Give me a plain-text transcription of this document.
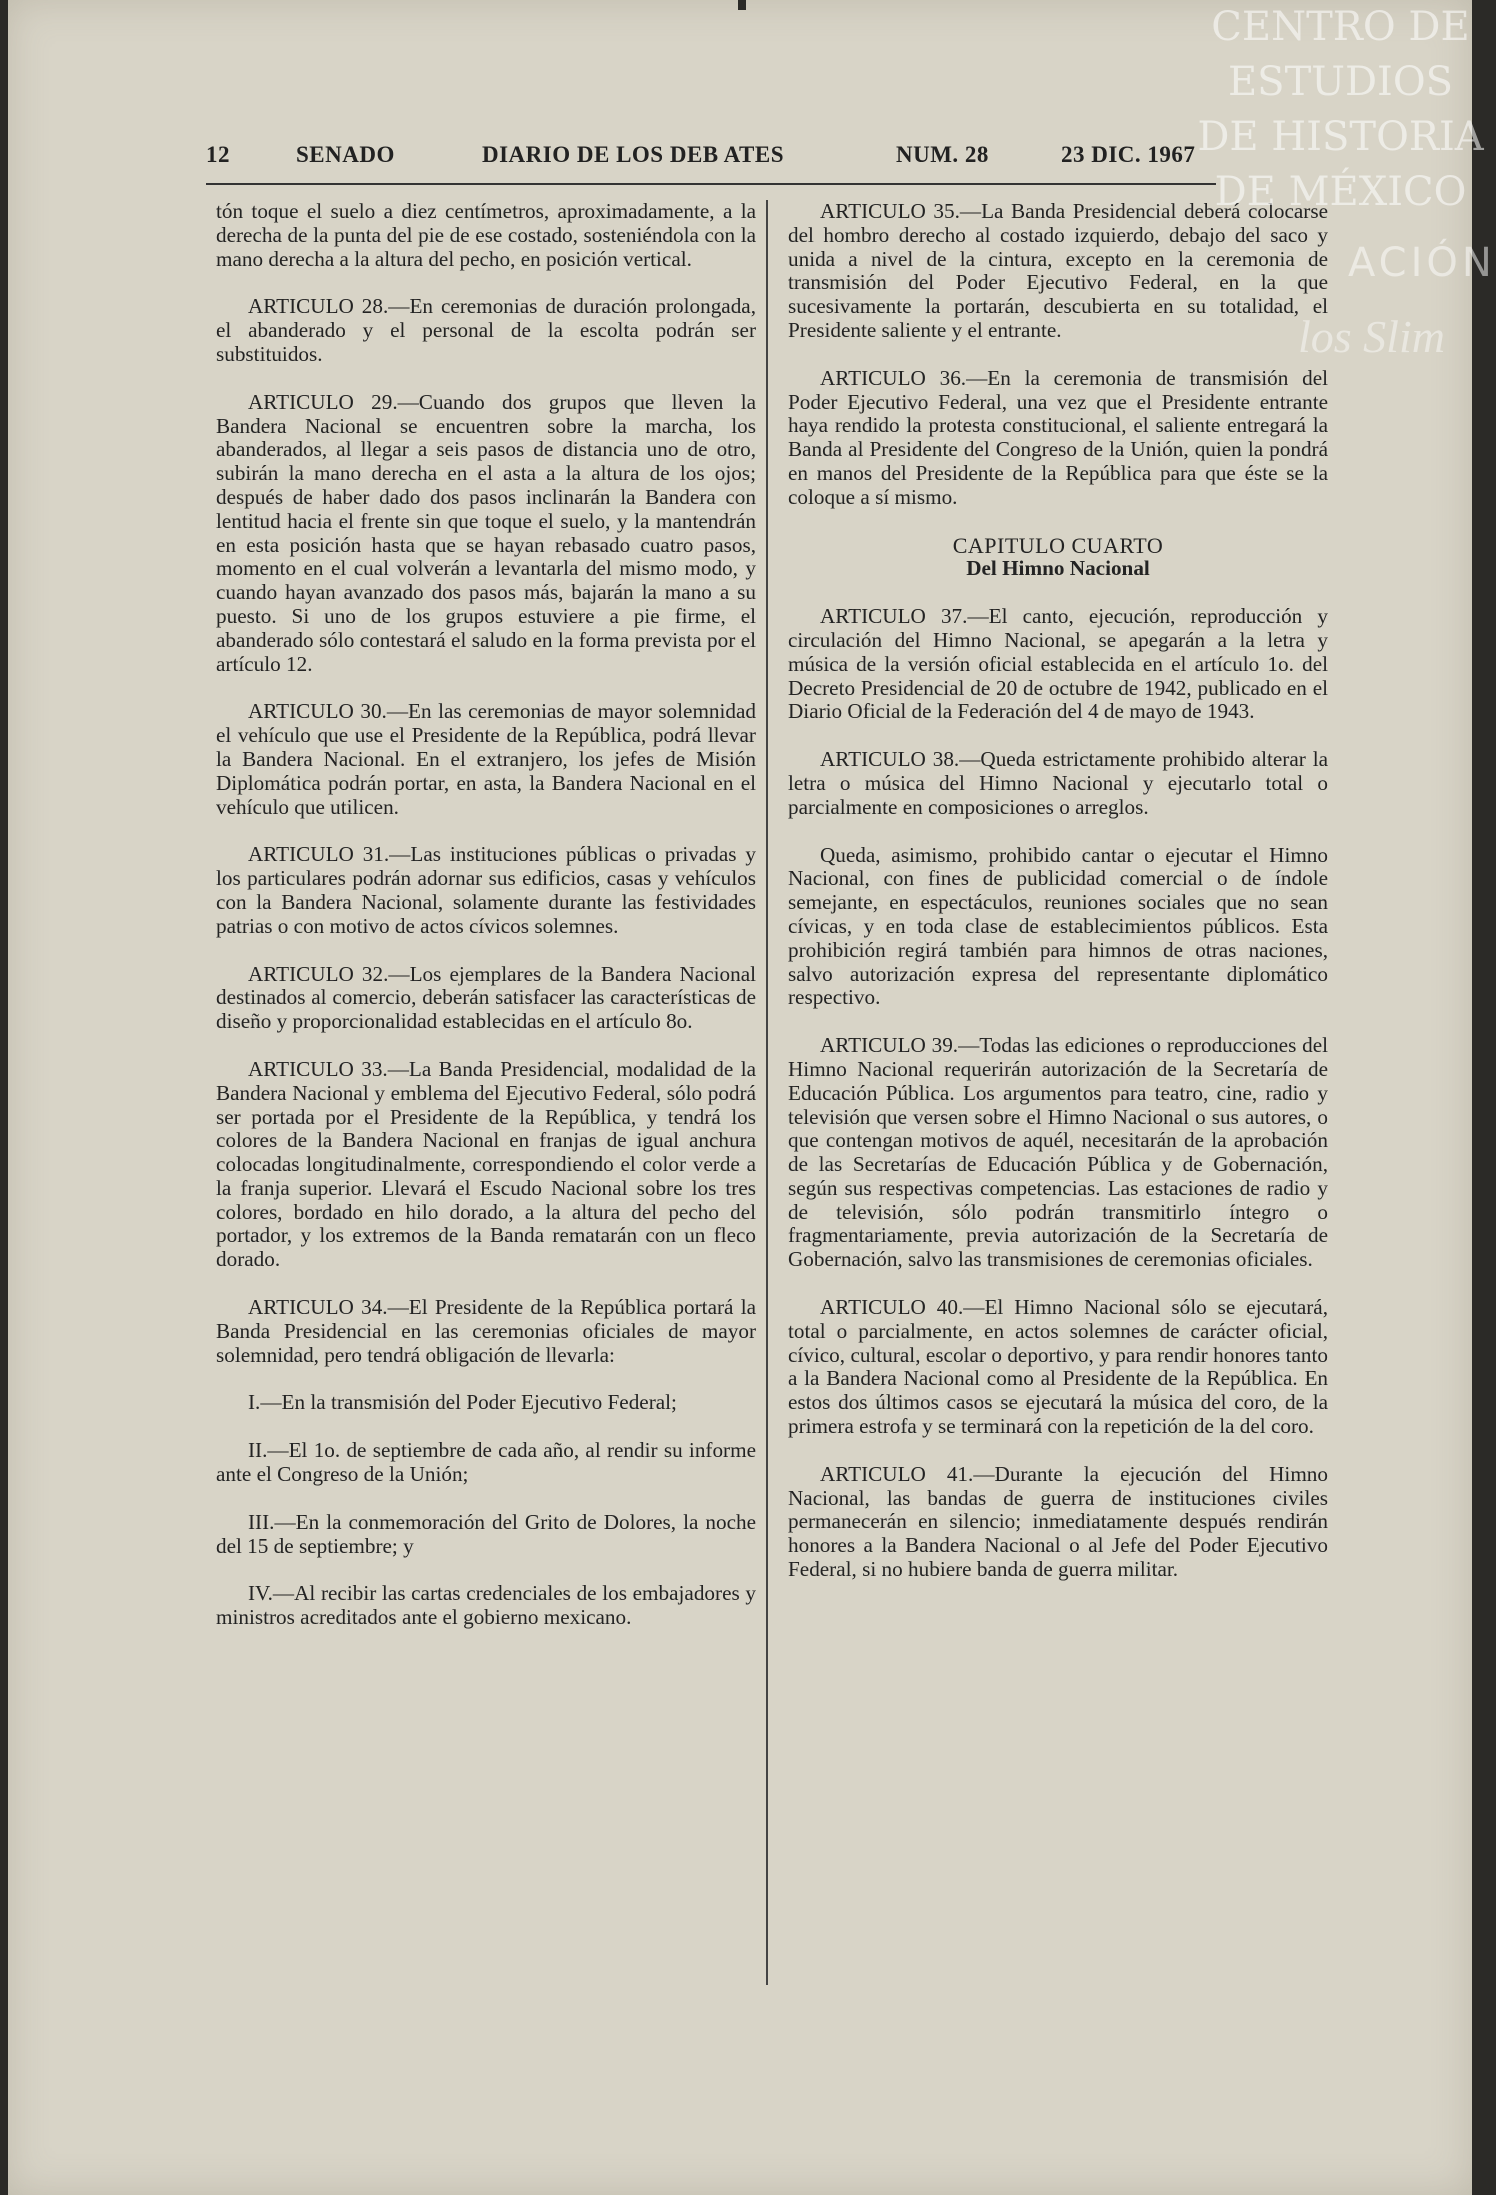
12	SENADO	DIARIO DE LOS DEB ATES	NUM. 28	23 DIC. 1967

tón toque el suelo a diez centímetros, aproximadamente, a la derecha de la punta del pie de ese costado, sosteniéndola con la mano derecha a la altura del pecho, en posición vertical.

ARTICULO 28.—En ceremonias de duración prolongada, el abanderado y el personal de la escolta podrán ser substituidos.

ARTICULO 29.—Cuando dos grupos que lleven la Bandera Nacional se encuentren sobre la marcha, los abanderados, al llegar a seis pasos de distancia uno de otro, subirán la mano derecha en el asta a la altura de los ojos; después de haber dado dos pasos inclinarán la Bandera con lentitud hacia el frente sin que toque el suelo, y la mantendrán en esta posición hasta que se hayan rebasado cuatro pasos, momento en el cual volverán a levantarla del mismo modo, y cuando hayan avanzado dos pasos más, bajarán la mano a su puesto. Si uno de los grupos estuviere a pie firme, el abanderado sólo contestará el saludo en la forma prevista por el artículo 12.

ARTICULO 30.—En las ceremonias de mayor solemnidad el vehículo que use el Presidente de la República, podrá llevar la Bandera Nacional. En el extranjero, los jefes de Misión Diplomática podrán portar, en asta, la Bandera Nacional en el vehículo que utilicen.

ARTICULO 31.—Las instituciones públicas o privadas y los particulares podrán adornar sus edificios, casas y vehículos con la Bandera Nacional, solamente durante las festividades patrias o con motivo de actos cívicos solemnes.

ARTICULO 32.—Los ejemplares de la Bandera Nacional destinados al comercio, deberán satisfacer las características de diseño y proporcionalidad establecidas en el artículo 8o.

ARTICULO 33.—La Banda Presidencial, modalidad de la Bandera Nacional y emblema del Ejecutivo Federal, sólo podrá ser portada por el Presidente de la República, y tendrá los colores de la Bandera Nacional en franjas de igual anchura colocadas longitudinalmente, correspondiendo el color verde a la franja superior. Llevará el Escudo Nacional sobre los tres colores, bordado en hilo dorado, a la altura del pecho del portador, y los extremos de la Banda rematarán con un fleco dorado.

ARTICULO 34.—El Presidente de la República portará la Banda Presidencial en las ceremonias oficiales de mayor solemnidad, pero tendrá obligación de llevarla:

I.—En la transmisión del Poder Ejecutivo Federal;

II.—El 1o. de septiembre de cada año, al rendir su informe ante el Congreso de la Unión;

III.—En la conmemoración del Grito de Dolores, la noche del 15 de septiembre; y

IV.—Al recibir las cartas credenciales de los embajadores y ministros acreditados ante el gobierno mexicano.

ARTICULO 35.—La Banda Presidencial deberá colocarse del hombro derecho al costado izquierdo, debajo del saco y unida a nivel de la cintura, excepto en la ceremonia de transmisión del Poder Ejecutivo Federal, en la que sucesivamente la portarán, descubierta en su totalidad, el Presidente saliente y el entrante.

ARTICULO 36.—En la ceremonia de transmisión del Poder Ejecutivo Federal, una vez que el Presidente entrante haya rendido la protesta constitucional, el saliente entregará la Banda al Presidente del Congreso de la Unión, quien la pondrá en manos del Presidente de la República para que éste se la coloque a sí mismo.

CAPITULO CUARTO
Del Himno Nacional

ARTICULO 37.—El canto, ejecución, reproducción y circulación del Himno Nacional, se apegarán a la letra y música de la versión oficial establecida en el artículo 1o. del Decreto Presidencial de 20 de octubre de 1942, publicado en el Diario Oficial de la Federación del 4 de mayo de 1943.

ARTICULO 38.—Queda estrictamente prohibido alterar la letra o música del Himno Nacional y ejecutarlo total o parcialmente en composiciones o arreglos.

Queda, asimismo, prohibido cantar o ejecutar el Himno Nacional, con fines de publicidad comercial o de índole semejante, en espectáculos, reuniones sociales que no sean cívicas, y en toda clase de establecimientos públicos. Esta prohibición regirá también para himnos de otras naciones, salvo autorización expresa del representante diplomático respectivo.

ARTICULO 39.—Todas las ediciones o reproducciones del Himno Nacional requerirán autorización de la Secretaría de Educación Pública. Los argumentos para teatro, cine, radio y televisión que versen sobre el Himno Nacional o sus autores, o que contengan motivos de aquél, necesitarán de la aprobación de las Secretarías de Educación Pública y de Gobernación, según sus respectivas competencias. Las estaciones de radio y de televisión, sólo podrán transmitirlo íntegro o fragmentariamente, previa autorización de la Secretaría de Gobernación, salvo las transmisiones de ceremonias oficiales.

ARTICULO 40.—El Himno Nacional sólo se ejecutará, total o parcialmente, en actos solemnes de carácter oficial, cívico, cultural, escolar o deportivo, y para rendir honores tanto a la Bandera Nacional como al Presidente de la República. En estos dos últimos casos se ejecutará la música del coro, de la primera estrofa y se terminará con la repetición de la del coro.

ARTICULO 41.—Durante la ejecución del Himno Nacional, las bandas de guerra de instituciones civiles permanecerán en silencio; inmediatamente después rendirán honores a la Bandera Nacional o al Jefe del Poder Ejecutivo Federal, si no hubiere banda de guerra militar.

CENTRO DE
ESTUDIOS
DE HISTORIA
DE MÉXICO
ACIÓN
los Slim
